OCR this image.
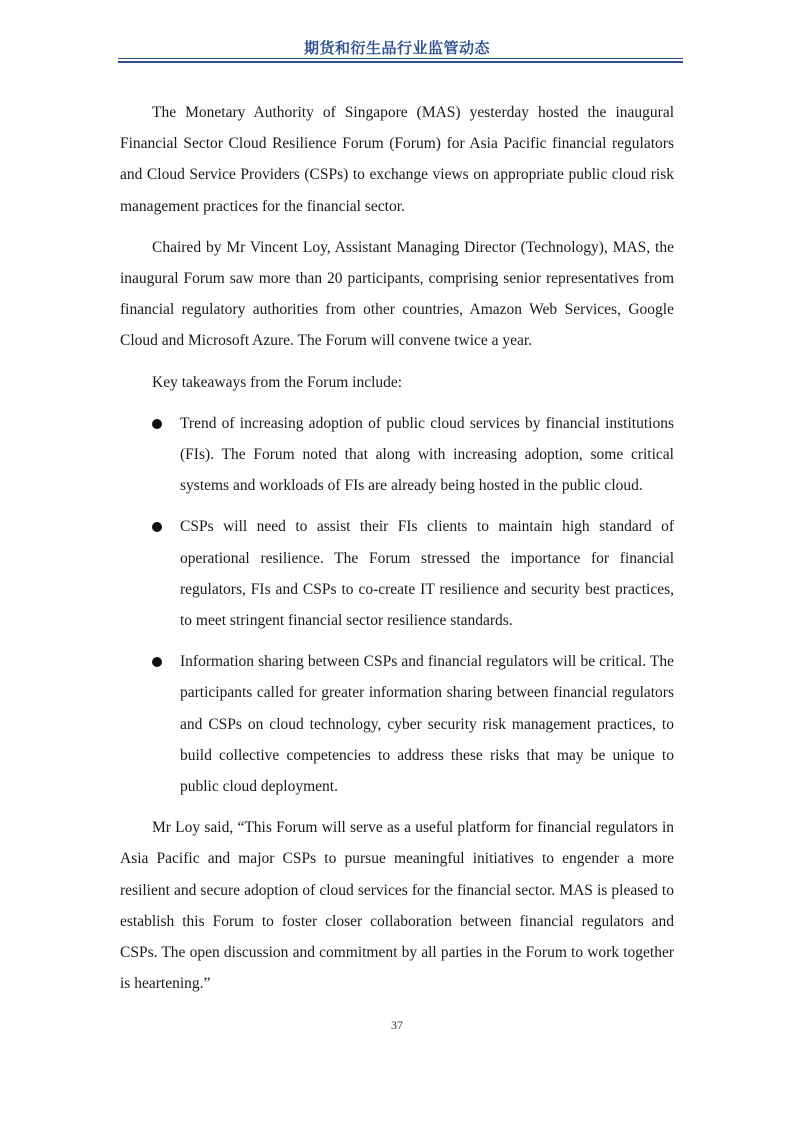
期货和衍生品行业监管动态

The Monetary Authority of Singapore (MAS) yesterday hosted the inaugural Financial Sector Cloud Resilience Forum (Forum) for Asia Pacific financial regulators and Cloud Service Providers (CSPs) to exchange views on appropriate public cloud risk management practices for the financial sector.

Chaired by Mr Vincent Loy, Assistant Managing Director (Technology), MAS, the inaugural Forum saw more than 20 participants, comprising senior representatives from financial regulatory authorities from other countries, Amazon Web Services, Google Cloud and Microsoft Azure. The Forum will convene twice a year.

Key takeaways from the Forum include:

Trend of increasing adoption of public cloud services by financial institutions (FIs). The Forum noted that along with increasing adoption, some critical systems and workloads of FIs are already being hosted in the public cloud.
CSPs will need to assist their FIs clients to maintain high standard of operational resilience. The Forum stressed the importance for financial regulators, FIs and CSPs to co-create IT resilience and security best practices, to meet stringent financial sector resilience standards.
Information sharing between CSPs and financial regulators will be critical. The participants called for greater information sharing between financial regulators and CSPs on cloud technology, cyber security risk management practices, to build collective competencies to address these risks that may be unique to public cloud deployment.

Mr Loy said, “This Forum will serve as a useful platform for financial regulators in Asia Pacific and major CSPs to pursue meaningful initiatives to engender a more resilient and secure adoption of cloud services for the financial sector. MAS is pleased to establish this Forum to foster closer collaboration between financial regulators and CSPs. The open discussion and commitment by all parties in the Forum to work together is heartening.”

37
